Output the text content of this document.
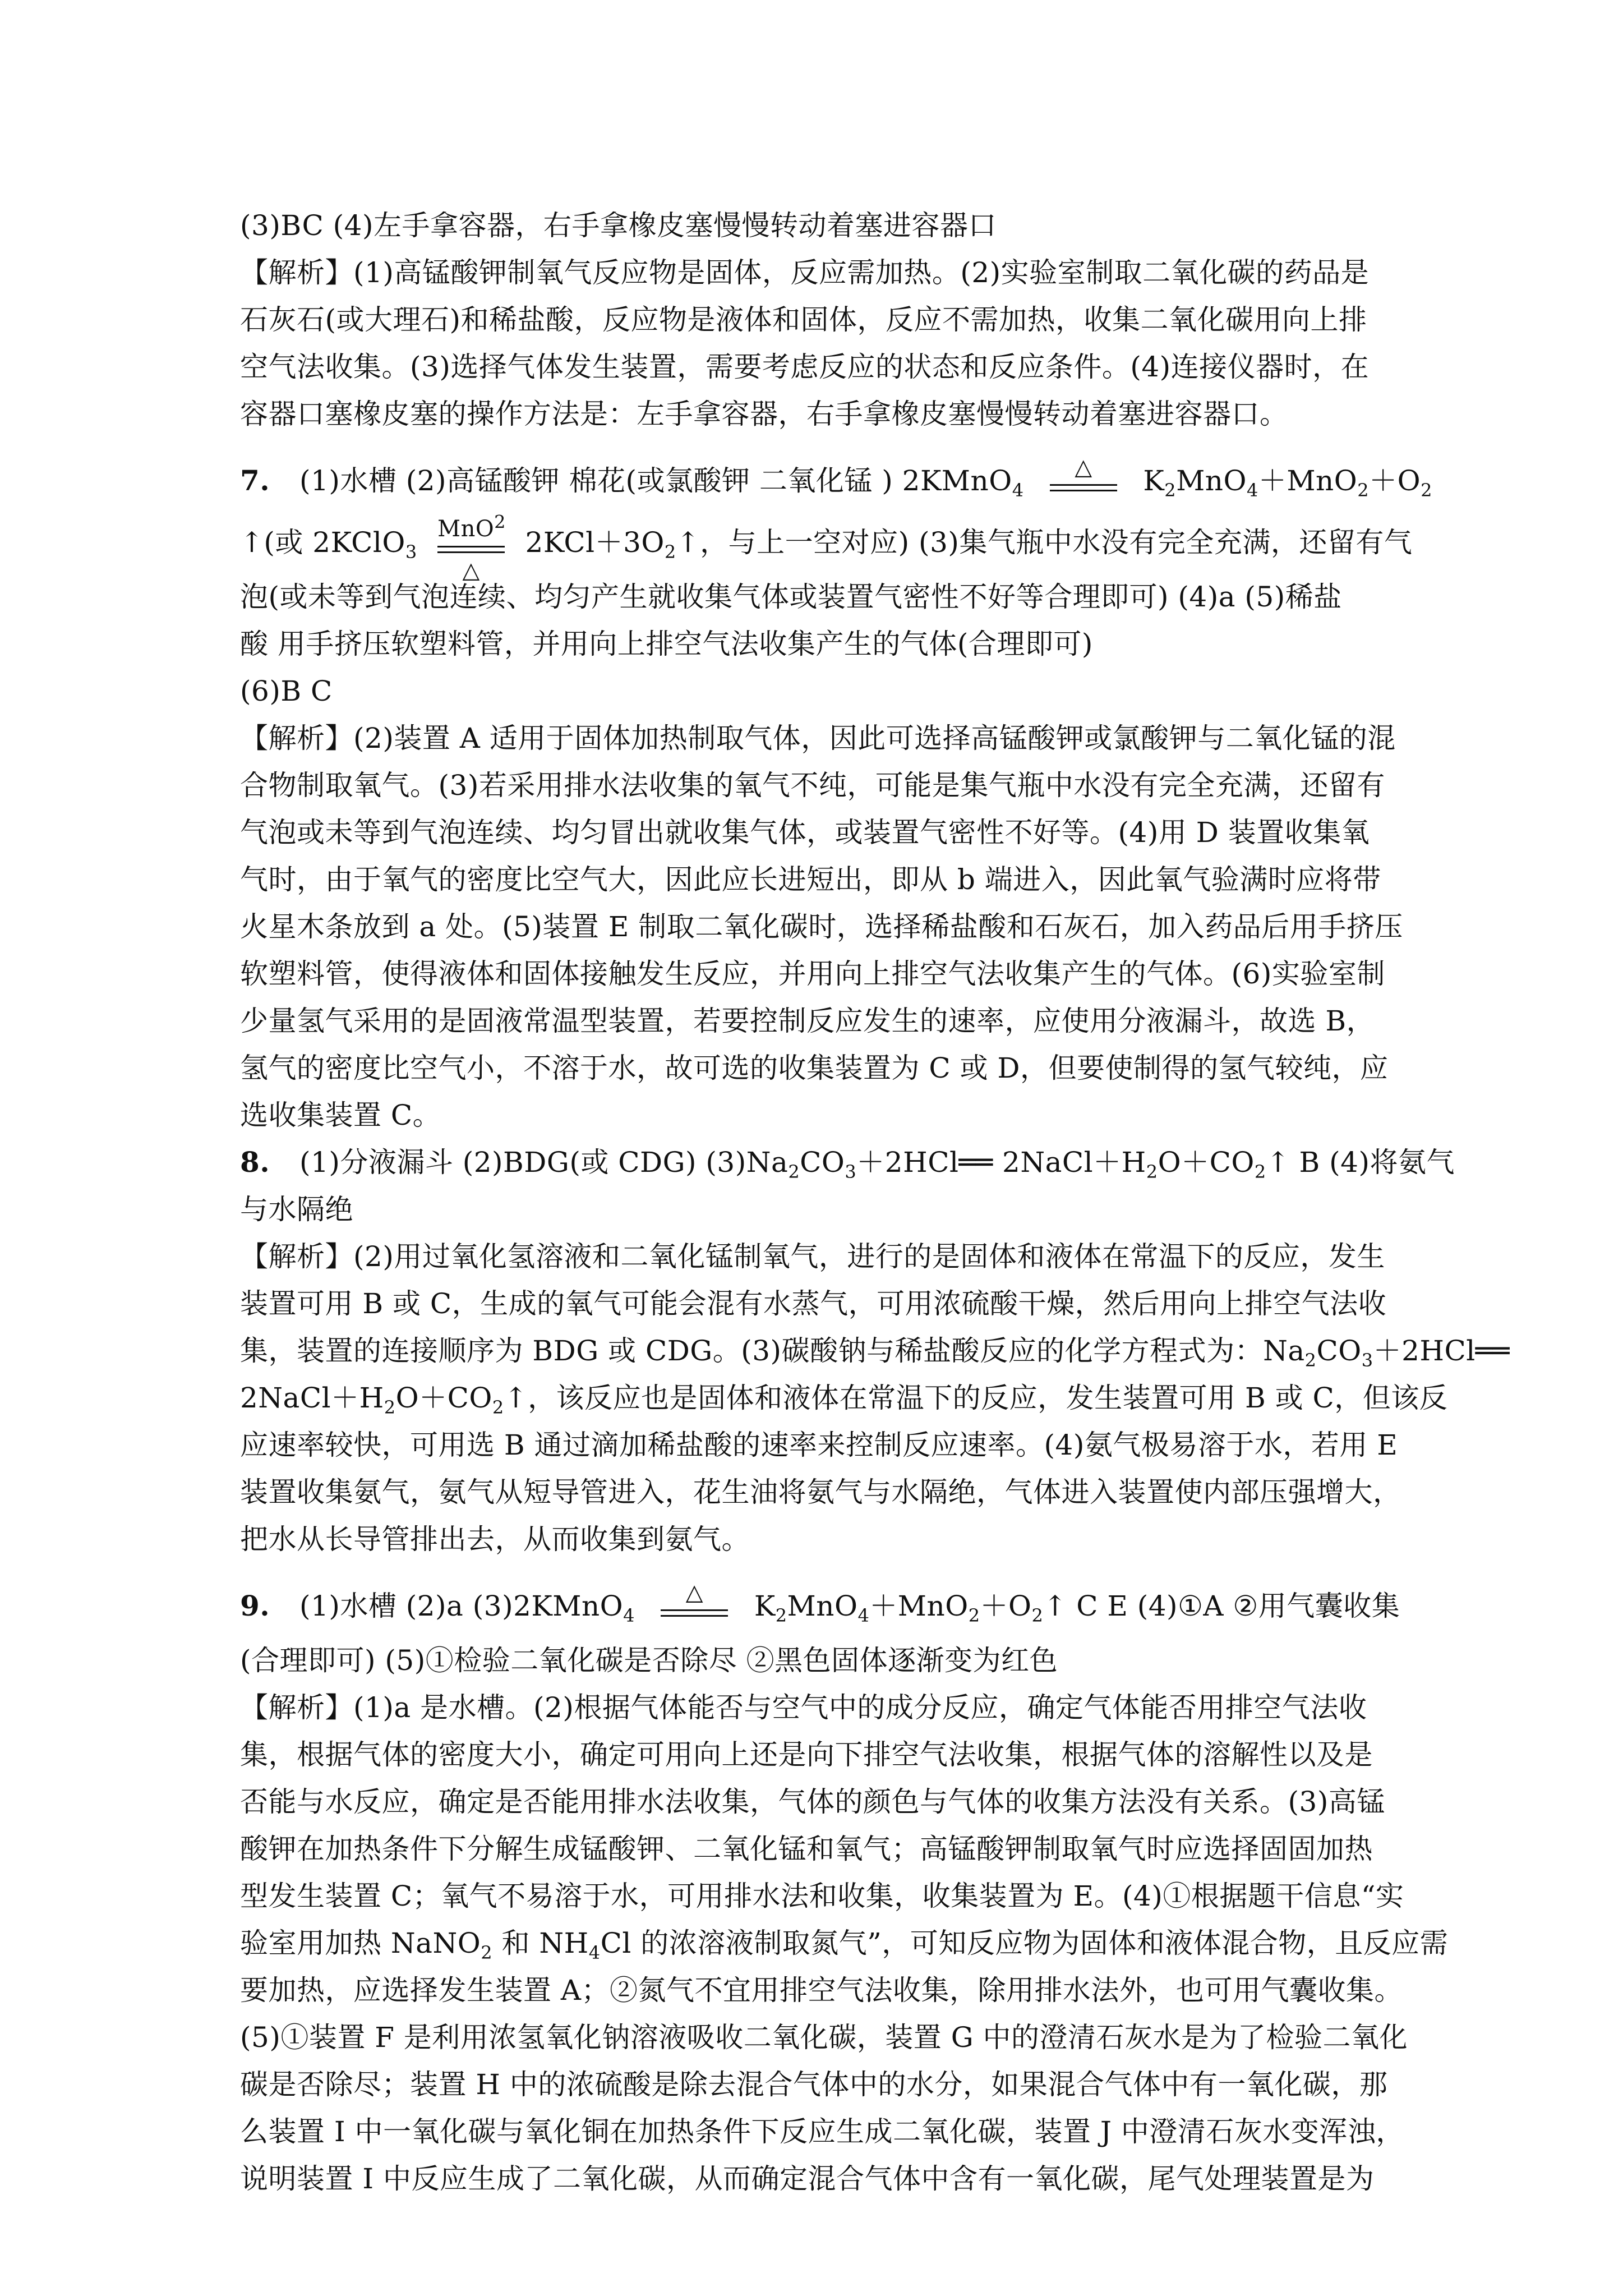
(3)BC (4)左手拿容器，右手拿橡皮塞慢慢转动着塞进容器口
【解析】(1)高锰酸钾制氧气反应物是固体，反应需加热。(2)实验室制取二氧化碳的药品是
石灰石(或大理石)和稀盐酸，反应物是液体和固体，反应不需加热，收集二氧化碳用向上排
空气法收集。(3)选择气体发生装置，需要考虑反应的状态和反应条件。(4)连接仪器时，在
容器口塞橡皮塞的操作方法是：左手拿容器，右手拿橡皮塞慢慢转动着塞进容器口。
7. (1)水槽 (2)高锰酸钾 棉花(或氯酸钾 二氧化锰 ) 2KMnO$_4$
△	$K_2MnO_4+MnO_2+O_2$
↑(或 2KClO$_3$
MnO$^2$
△
$2KCl+3O_2↑$，与上一空对应) (3)集气瓶中水没有完全充满，还留有气
泡(或未等到气泡连续、均匀产生就收集气体或装置气密性不好等合理即可) (4)a (5)稀盐
酸 用手挤压软塑料管，并用向上排空气法收集产生的气体(合理即可)
(6)B C
【解析】(2)装置 A 适用于固体加热制取气体，因此可选择高锰酸钾或氯酸钾与二氧化锰的混
合物制取氧气。(3)若采用排水法收集的氧气不纯，可能是集气瓶中水没有完全充满，还留有
气泡或未等到气泡连续、均匀冒出就收集气体，或装置气密性不好等。(4)用 D 装置收集氧
气时，由于氧气的密度比空气大，因此应长进短出，即从 b 端进入，因此氧气验满时应将带
火星木条放到 a 处。(5)装置 E 制取二氧化碳时，选择稀盐酸和石灰石，加入药品后用手挤压
软塑料管，使得液体和固体接触发生反应，并用向上排空气法收集产生的气体。(6)实验室制
少量氢气采用的是固液常温型装置，若要控制反应发生的速率，应使用分液漏斗，故选 B，
氢气的密度比空气小，不溶于水，故可选的收集装置为 C 或 D，但要使制得的氢气较纯，应
选收集装置 C。
8. (1)分液漏斗 (2)BDG(或 CDG) $(3)Na_2CO_3+2HCl══$ $2NaCl+H_2O+CO_2↑$ B (4)将氨气
与水隔绝
【解析】(2)用过氧化氢溶液和二氧化锰制氧气，进行的是固体和液体在常温下的反应，发生
装置可用 B 或 C，生成的氧气可能会混有水蒸气，可用浓硫酸干燥，然后用向上排空气法收
集，装置的连接顺序为 BDG 或 CDG。(3)碳酸钠与稀盐酸反应的化学方程式为：$Na_2CO_3+2HCl══$
$2NaCl+H_2O+CO_2↑$，该反应也是固体和液体在常温下的反应，发生装置可用 B 或 C，但该反
应速率较快，可用选 B 通过滴加稀盐酸的速率来控制反应速率。(4)氨气极易溶于水，若用 E
装置收集氨气，氨气从短导管进入，花生油将氨气与水隔绝，气体进入装置使内部压强增大，
把水从长导管排出去，从而收集到氨气。
9. (1)水槽 (2)a (3)2KMnO$_4$
△	$K_2MnO_4+MnO_2+O_2↑$ C E (4)①A ②用气囊收集
(合理即可) (5)①检验二氧化碳是否除尽 ②黑色固体逐渐变为红色
【解析】(1)a 是水槽。(2)根据气体能否与空气中的成分反应，确定气体能否用排空气法收
集，根据气体的密度大小，确定可用向上还是向下排空气法收集，根据气体的溶解性以及是
否能与水反应，确定是否能用排水法收集，气体的颜色与气体的收集方法没有关系。(3)高锰
酸钾在加热条件下分解生成锰酸钾、二氧化锰和氧气；高锰酸钾制取氧气时应选择固固加热
型发生装置 C；氧气不易溶于水，可用排水法和收集，收集装置为 E。(4)①根据题干信息“实
验室用加热 NaNO$_2$ 和 $NH_4Cl$ 的浓溶液制取氮气”，可知反应物为固体和液体混合物，且反应需
要加热，应选择发生装置 A；②氮气不宜用排空气法收集，除用排水法外，也可用气囊收集。
(5)①装置 F 是利用浓氢氧化钠溶液吸收二氧化碳，装置 G 中的澄清石灰水是为了检验二氧化
碳是否除尽；装置 H 中的浓硫酸是除去混合气体中的水分，如果混合气体中有一氧化碳，那
么装置 I 中一氧化碳与氧化铜在加热条件下反应生成二氧化碳，装置 J 中澄清石灰水变浑浊，
说明装置 I 中反应生成了二氧化碳，从而确定混合气体中含有一氧化碳，尾气处理装置是为
